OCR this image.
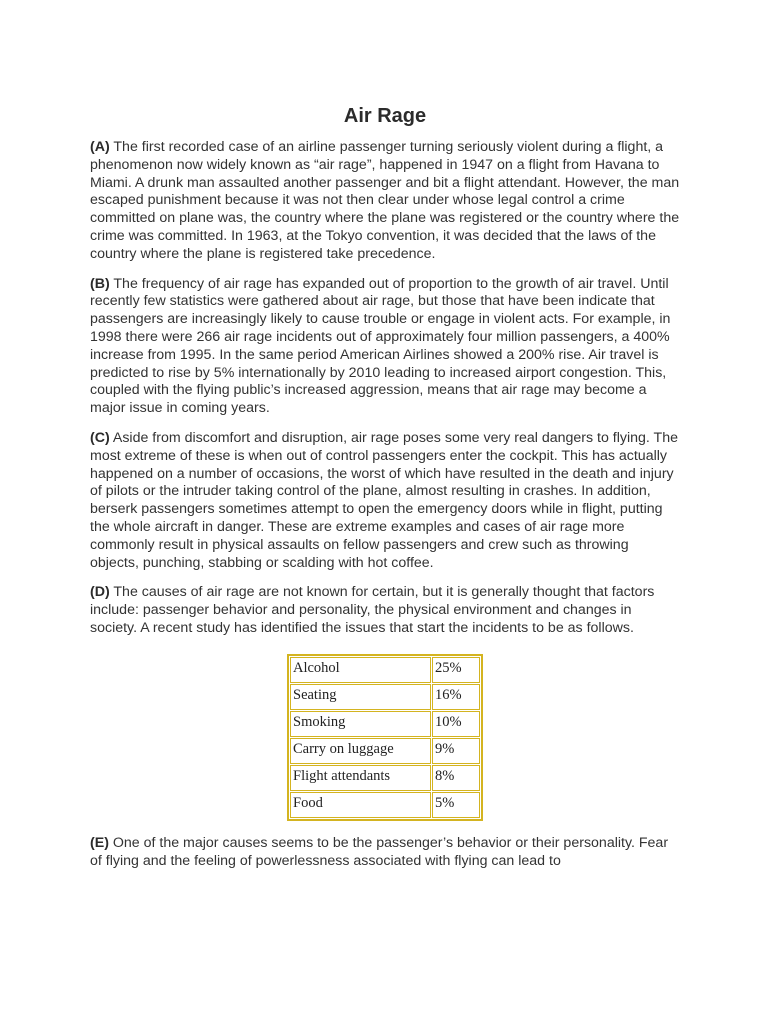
Air Rage

(A) The first recorded case of an airline passenger turning seriously violent during a flight, a phenomenon now widely known as “air rage”, happened in 1947 on a flight from Havana to Miami. A drunk man assaulted another passenger and bit a flight attendant. However, the man escaped punishment because it was not then clear under whose legal control a crime committed on plane was, the country where the plane was registered or the country where the crime was committed. In 1963, at the Tokyo convention, it was decided that the laws of the country where the plane is registered take precedence.

(B) The frequency of air rage has expanded out of proportion to the growth of air travel. Until recently few statistics were gathered about air rage, but those that have been indicate that passengers are increasingly likely to cause trouble or engage in violent acts. For example, in 1998 there were 266 air rage incidents out of approximately four million passengers, a 400% increase from 1995. In the same period American Airlines showed a 200% rise. Air travel is predicted to rise by 5% internationally by 2010 leading to increased airport congestion. This, coupled with the flying public’s increased aggression, means that air rage may become a major issue in coming years.

(C) Aside from discomfort and disruption, air rage poses some very real dangers to flying. The most extreme of these is when out of control passengers enter the cockpit. This has actually happened on a number of occasions, the worst of which have resulted in the death and injury of pilots or the intruder taking control of the plane, almost resulting in crashes. In addition, berserk passengers sometimes attempt to open the emergency doors while in flight, putting the whole aircraft in danger. These are extreme examples and cases of air rage more commonly result in physical assaults on fellow passengers and crew such as throwing objects, punching, stabbing or scalding with hot coffee.

(D) The causes of air rage are not known for certain, but it is generally thought that factors include: passenger behavior and personality, the physical environment and changes in society. A recent study has identified the issues that start the incidents to be as follows.

Alcohol	25%
Seating	16%
Smoking	10%
Carry on luggage	9%
Flight attendants	8%
Food	5%

(E) One of the major causes seems to be the passenger’s behavior or their personality. Fear of flying and the feeling of powerlessness associated with flying can lead to
